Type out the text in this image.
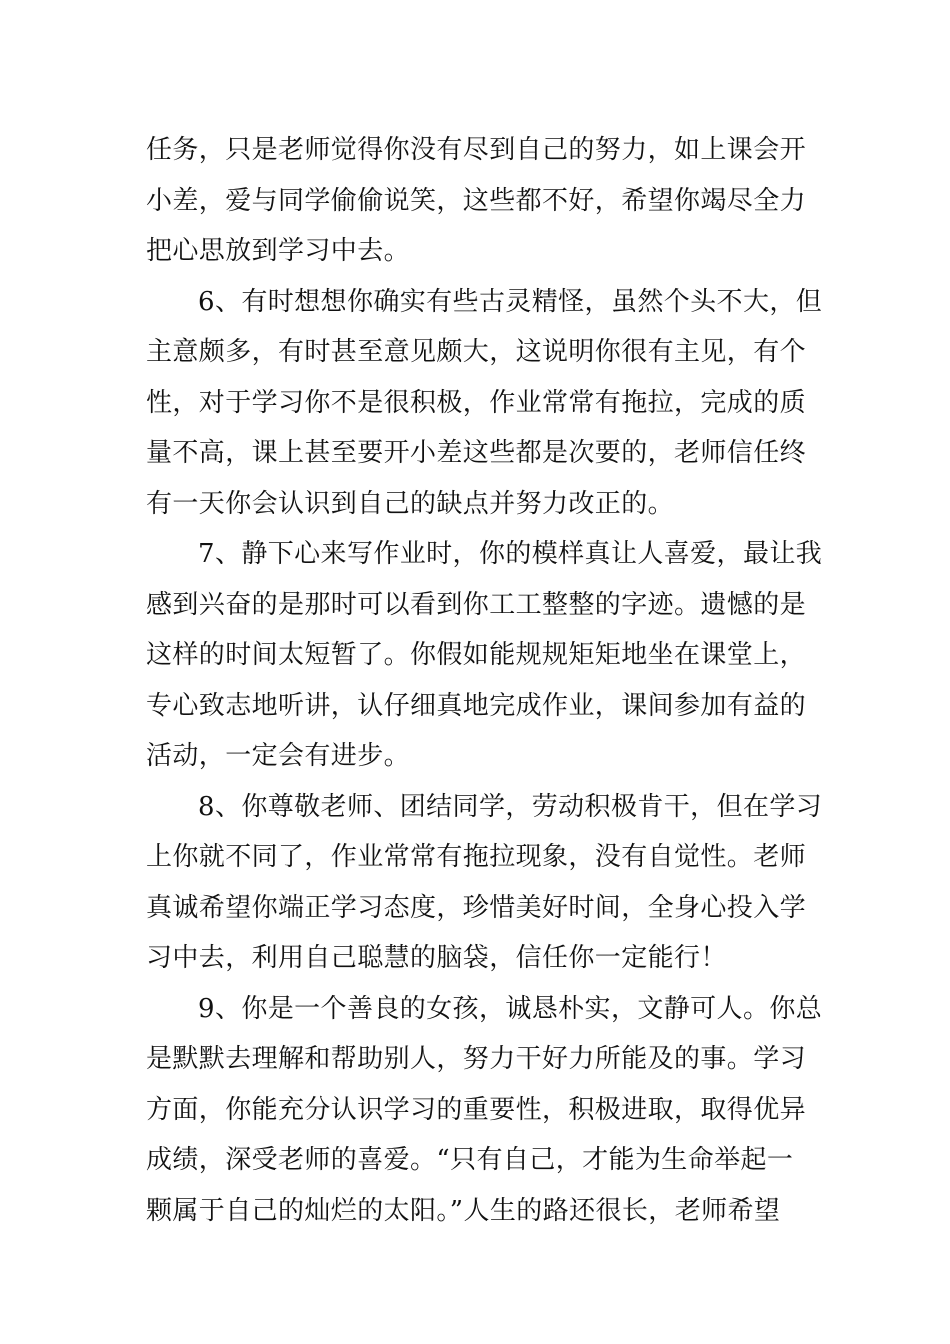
任务，只是老师觉得你没有尽到自己的努力，如上课会开
小差，爱与同学偷偷说笑，这些都不好，希望你竭尽全力
把心思放到学习中去。
6、有时想想你确实有些古灵精怪，虽然个头不大，但
主意颇多，有时甚至意见颇大，这说明你很有主见，有个
性，对于学习你不是很积极，作业常常有拖拉，完成的质
量不高，课上甚至要开小差这些都是次要的，老师信任终
有一天你会认识到自己的缺点并努力改正的。
7、静下心来写作业时，你的模样真让人喜爱，最让我
感到兴奋的是那时可以看到你工工整整的字迹。遗憾的是
这样的时间太短暂了。你假如能规规矩矩地坐在课堂上，
专心致志地听讲，认仔细真地完成作业，课间参加有益的
活动，一定会有进步。
8、你尊敬老师、团结同学，劳动积极肯干，但在学习
上你就不同了，作业常常有拖拉现象，没有自觉性。老师
真诚希望你端正学习态度，珍惜美好时间，全身心投入学
习中去，利用自己聪慧的脑袋，信任你一定能行！
9、你是一个善良的女孩，诚恳朴实，文静可人。你总
是默默去理解和帮助别人，努力干好力所能及的事。学习
方面，你能充分认识学习的重要性，积极进取，取得优异
成绩，深受老师的喜爱。“只有自己，才能为生命举起一
颗属于自己的灿烂的太阳。”人生的路还很长，老师希望
